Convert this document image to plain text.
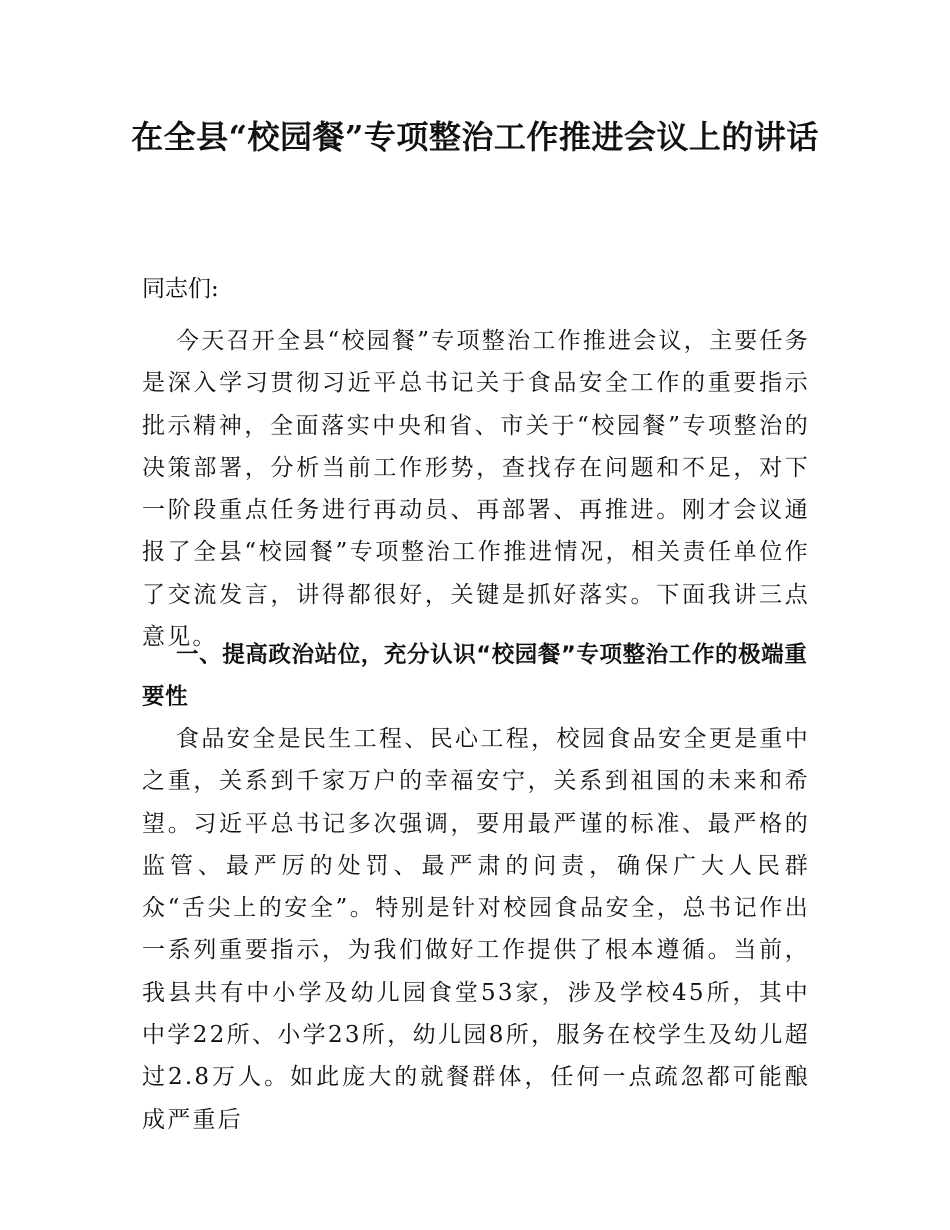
在全县“校园餐”专项整治工作推进会议上的讲话
同志们:
今天召开全县“校园餐”专项整治工作推进会议，主要任务是深入学习贯彻习近平总书记关于食品安全工作的重要指示批示精神，全面落实中央和省、市关于“校园餐”专项整治的决策部署，分析当前工作形势，查找存在问题和不足，对下一阶段重点任务进行再动员、再部署、再推进。刚才会议通报了全县“校园餐”专项整治工作推进情况，相关责任单位作了交流发言，讲得都很好，关键是抓好落实。下面我讲三点意见。
一、提高政治站位，充分认识“校园餐”专项整治工作的极端重要性
食品安全是民生工程、民心工程，校园食品安全更是重中之重，关系到千家万户的幸福安宁，关系到祖国的未来和希望。习近平总书记多次强调，要用最严谨的标准、最严格的监管、最严厉的处罚、最严肃的问责，确保广大人民群众“舌尖上的安全”。特别是针对校园食品安全，总书记作出一系列重要指示，为我们做好工作提供了根本遵循。当前，我县共有中小学及幼儿园食堂53家，涉及学校45所，其中中学22所、小学23所，幼儿园8所，服务在校学生及幼儿超过2.8万人。如此庞大的就餐群体，任何一点疏忽都可能酿成严重后
